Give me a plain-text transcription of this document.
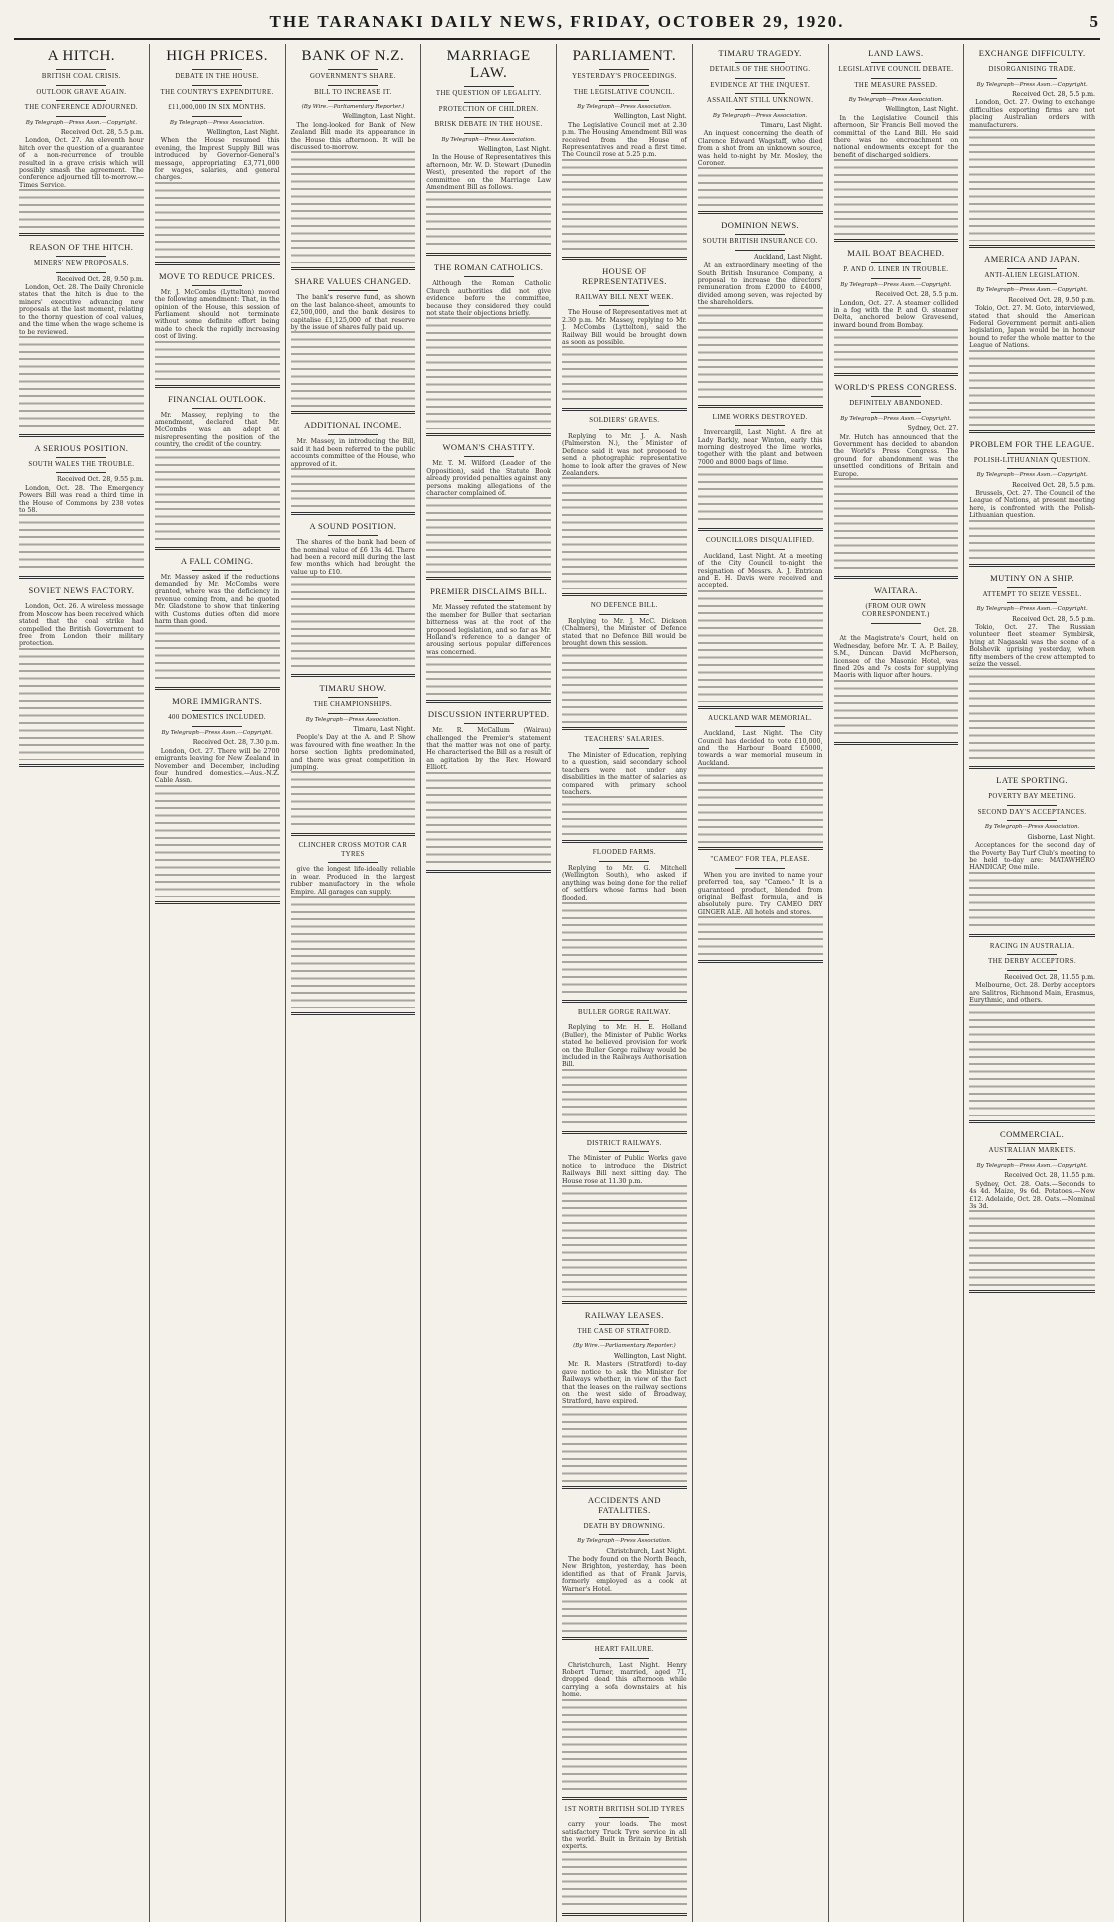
THE TARANAKI DAILY NEWS, FRIDAY, OCTOBER 29, 1920.	5
A HITCH.
BRITISH COAL CRISIS.
OUTLOOK GRAVE AGAIN.
THE CONFERENCE ADJOURNED.
By Telegraph—Press Assn.—Copyright.
Received Oct. 28, 5.5 p.m.

London, Oct. 27. An eleventh hour hitch over the question of a guarantee of a non-recurrence of trouble resulted in a grave crisis which will possibly smash the agreement. The conference adjourned till to-morrow.—Times Service.

REASON OF THE HITCH.
MINERS' NEW PROPOSALS.
Received Oct. 28, 9.50 p.m.

London, Oct. 28. The Daily Chronicle states that the hitch is due to the miners' executive advancing new proposals at the last moment, relating to the thorny question of coal values, and the time when the wage scheme is to be reviewed.

A SERIOUS POSITION.
SOUTH WALES THE TROUBLE.
Received Oct. 28, 9.55 p.m.

London, Oct. 28. The Emergency Powers Bill was read a third time in the House of Commons by 238 votes to 58.

SOVIET NEWS FACTORY.

London, Oct. 26. A wireless message from Moscow has been received which stated that the coal strike had compelled the British Government to free from London their military protection.

HIGH PRICES.
DEBATE IN THE HOUSE.
THE COUNTRY'S EXPENDITURE.
£11,000,000 IN SIX MONTHS.
By Telegraph—Press Association.
Wellington, Last Night.

When the House resumed this evening, the Imprest Supply Bill was introduced by Governor-General's message, appropriating £3,771,000 for wages, salaries, and general charges.

MOVE TO REDUCE PRICES.

Mr. J. McCombs (Lyttelton) moved the following amendment: That, in the opinion of the House, this session of Parliament should not terminate without some definite effort being made to check the rapidly increasing cost of living.

FINANCIAL OUTLOOK.

Mr. Massey, replying to the amendment, declared that Mr. McCombs was an adept at misrepresenting the position of the country, the credit of the country.

A FALL COMING.

Mr. Massey asked if the reductions demanded by Mr. McCombs were granted, where was the deficiency in revenue coming from, and he quoted Mr. Gladstone to show that tinkering with Customs duties often did more harm than good.

MORE IMMIGRANTS.
400 DOMESTICS INCLUDED.
By Telegraph—Press Assn.—Copyright.
Received Oct. 28, 7.30 p.m.

London, Oct. 27. There will be 2700 emigrants leaving for New Zealand in November and December, including four hundred domestics.—Aus.-N.Z. Cable Assn.

BANK OF N.Z.
GOVERNMENT'S SHARE.
BILL TO INCREASE IT.
(By Wire.—Parliamentary Reporter.)
Wellington, Last Night.

The long-looked for Bank of New Zealand Bill made its appearance in the House this afternoon. It will be discussed to-morrow.

SHARE VALUES CHANGED.

The bank's reserve fund, as shown on the last balance-sheet, amounts to £2,500,000, and the bank desires to capitalise £1,125,000 of that reserve by the issue of shares fully paid up.

ADDITIONAL INCOME.

Mr. Massey, in introducing the Bill, said it had been referred to the public accounts committee of the House, who approved of it.

A SOUND POSITION.

The shares of the bank had been of the nominal value of £6 13s 4d. There had been a record mill during the last few months which had brought the value up to £10.

TIMARU SHOW.
THE CHAMPIONSHIPS.
By Telegraph—Press Association.
Timaru, Last Night.

People's Day at the A. and P. Show was favoured with fine weather. In the horse section lights predominated, and there was great competition in jumping.

CLINCHER CROSS MOTOR CAR TYRES

give the longest life-ideally reliable in wear. Produced in the largest rubber manufactory in the whole Empire. All garages can supply.

MARRIAGE LAW.
THE QUESTION OF LEGALITY.
PROTECTION OF CHILDREN.
BRISK DEBATE IN THE HOUSE.
By Telegraph—Press Association.
Wellington, Last Night.

In the House of Representatives this afternoon, Mr. W. D. Stewart (Dunedin West), presented the report of the committee on the Marriage Law Amendment Bill as follows.

THE ROMAN CATHOLICS.

Although the Roman Catholic Church authorities did not give evidence before the committee, because they considered they could not state their objections briefly.

WOMAN'S CHASTITY.

Mr. T. M. Wilford (Leader of the Opposition), said the Statute Book already provided penalties against any persons making allegations of the character complained of.

PREMIER DISCLAIMS BILL.

Mr. Massey refuted the statement by the member for Buller that sectarian bitterness was at the root of the proposed legislation, and so far as Mr. Holland's reference to a danger of arousing serious popular differences was concerned.

DISCUSSION INTERRUPTED.

Mr. R. McCallum (Wairau) challenged the Premier's statement that the matter was not one of party. He characterised the Bill as a result of an agitation by the Rev. Howard Elliott.

PARLIAMENT.
YESTERDAY'S PROCEEDINGS.
THE LEGISLATIVE COUNCIL.
By Telegraph—Press Association.
Wellington, Last Night.

The Legislative Council met at 2.30 p.m. The Housing Amendment Bill was received from the House of Representatives and read a first time. The Council rose at 5.25 p.m.

HOUSE OF REPRESENTATIVES.
RAILWAY BILL NEXT WEEK.

The House of Representatives met at 2.30 p.m. Mr. Massey, replying to Mr. J. McCombs (Lyttelton), said the Railway Bill would be brought down as soon as possible.

SOLDIERS' GRAVES.

Replying to Mr. J. A. Nash (Palmerston N.), the Minister of Defence said it was not proposed to send a photographic representative home to look after the graves of New Zealanders.

NO DEFENCE BILL.

Replying to Mr. J. McC. Dickson (Chalmers), the Minister of Defence stated that no Defence Bill would be brought down this session.

TEACHERS' SALARIES.

The Minister of Education, replying to a question, said secondary school teachers were not under any disabilities in the matter of salaries as compared with primary school teachers.

FLOODED FARMS.

Replying to Mr. G. Mitchell (Wellington South), who asked if anything was being done for the relief of settlers whose farms had been flooded.

BULLER GORGE RAILWAY.

Replying to Mr. H. E. Holland (Buller), the Minister of Public Works stated he believed provision for work on the Buller Gorge railway would be included in the Railways Authorisation Bill.

DISTRICT RAILWAYS.

The Minister of Public Works gave notice to introduce the District Railways Bill next sitting day. The House rose at 11.30 p.m.

RAILWAY LEASES.
THE CASE OF STRATFORD.
(By Wire.—Parliamentary Reporter.)
Wellington, Last Night.

Mr. R. Masters (Stratford) to-day gave notice to ask the Minister for Railways whether, in view of the fact that the leases on the railway sections on the west side of Broadway, Stratford, have expired.

ACCIDENTS AND FATALITIES.
DEATH BY DROWNING.
By Telegraph—Press Association.
Christchurch, Last Night.

The body found on the North Beach, New Brighton, yesterday, has been identified as that of Frank Jarvis, formerly employed as a cook at Warner's Hotel.

HEART FAILURE.

Christchurch, Last Night. Henry Robert Turner, married, aged 71, dropped dead this afternoon while carrying a sofa downstairs at his home.

1ST NORTH BRITISH SOLID TYRES

carry your loads. The most satisfactory Truck Tyre service in all the world. Built in Britain by British experts.

TIMARU TRAGEDY.
DETAILS OF THE SHOOTING.
EVIDENCE AT THE INQUEST.
ASSAILANT STILL UNKNOWN.
By Telegraph—Press Association.
Timaru, Last Night.

An inquest concerning the death of Clarence Edward Wagstaff, who died from a shot from an unknown source, was held to-night by Mr. Mosley, the Coroner.

DOMINION NEWS.
SOUTH BRITISH INSURANCE CO.
Auckland, Last Night.

At an extraordinary meeting of the South British Insurance Company, a proposal to increase the directors' remuneration from £2000 to £4000, divided among seven, was rejected by the shareholders.

LIME WORKS DESTROYED.

Invercargill, Last Night. A fire at Lady Barkly, near Winton, early this morning destroyed the lime works, together with the plant and between 7000 and 8000 bags of lime.

COUNCILLORS DISQUALIFIED.

Auckland, Last Night. At a meeting of the City Council to-night the resignation of Messrs. A. J. Entrican and E. H. Davis were received and accepted.

AUCKLAND WAR MEMORIAL.

Auckland, Last Night. The City Council has decided to vote £10,000, and the Harbour Board £5000, towards a war memorial museum in Auckland.

"CAMEO" FOR TEA, PLEASE.

When you are invited to name your preferred tea, say "Cameo." It is a guaranteed product, blended from original Belfast formula, and is absolutely pure. Try CAMEO DRY GINGER ALE. All hotels and stores.

LAND LAWS.
LEGISLATIVE COUNCIL DEBATE.
THE MEASURE PASSED.
By Telegraph—Press Association.
Wellington, Last Night.

In the Legislative Council this afternoon, Sir Francis Bell moved the committal of the Land Bill. He said there was no encroachment on national endowments except for the benefit of discharged soldiers.

MAIL BOAT BEACHED.
P. AND O. LINER IN TROUBLE.
By Telegraph—Press Assn.—Copyright.
Received Oct. 28, 5.5 p.m.

London, Oct. 27. A steamer collided in a fog with the P. and O. steamer Delta, anchored below Gravesend, inward bound from Bombay.

WORLD'S PRESS CONGRESS.
DEFINITELY ABANDONED.
By Telegraph—Press Assn.—Copyright.
Sydney, Oct. 27.

Mr. Hutch has announced that the Government has decided to abandon the World's Press Congress. The ground for abandonment was the unsettled conditions of Britain and Europe.

WAITARA.
(FROM OUR OWN CORRESPONDENT.)
Oct. 28.

At the Magistrate's Court, held on Wednesday, before Mr. T. A. P. Bailey, S.M., Duncan David McPherson, licensee of the Masonic Hotel, was fined 20s and 7s costs for supplying Maoris with liquor after hours.

EXCHANGE DIFFICULTY.
DISORGANISING TRADE.
By Telegraph—Press Assn.—Copyright.
Received Oct. 28, 5.5 p.m.

London, Oct. 27. Owing to exchange difficulties exporting firms are not placing Australian orders with manufacturers.

AMERICA AND JAPAN.
ANTI-ALIEN LEGISLATION.
By Telegraph—Press Assn.—Copyright.
Received Oct. 28, 9.50 p.m.

Tokio, Oct. 27. M. Goto, interviewed, stated that should the American Federal Government permit anti-alien legislation, Japan would be in honour bound to refer the whole matter to the League of Nations.

PROBLEM FOR THE LEAGUE.
POLISH-LITHUANIAN QUESTION.
By Telegraph—Press Assn.—Copyright.
Received Oct. 28, 5.5 p.m.

Brussels, Oct. 27. The Council of the League of Nations, at present meeting here, is confronted with the Polish-Lithuanian question.

MUTINY ON A SHIP.
ATTEMPT TO SEIZE VESSEL.
By Telegraph—Press Assn.—Copyright.
Received Oct. 28, 5.5 p.m.

Tokio, Oct. 27. The Russian volunteer fleet steamer Symbirsk, lying at Nagasaki was the scene of a Bolshevik uprising yesterday, when fifty members of the crew attempted to seize the vessel.

LATE SPORTING.
POVERTY BAY MEETING.
SECOND DAY'S ACCEPTANCES.
By Telegraph—Press Association.
Gisborne, Last Night.

Acceptances for the second day of the Poverty Bay Turf Club's meeting to be held to-day are: MATAWHERO HANDICAP, One mile.

RACING IN AUSTRALIA.
THE DERBY ACCEPTORS.
Received Oct. 28, 11.55 p.m.

Melbourne, Oct. 28. Derby acceptors are Salitros, Richmond Main, Erasmus, Eurythmic, and others.

COMMERCIAL.
AUSTRALIAN MARKETS.
By Telegraph—Press Assn.—Copyright.
Received Oct. 28, 11.55 p.m.

Sydney, Oct. 28. Oats.—Seconds to 4s 4d. Maize, 9s 6d. Potatoes.—New £12. Adelaide, Oct. 28. Oats.—Nominal 3s 3d.
